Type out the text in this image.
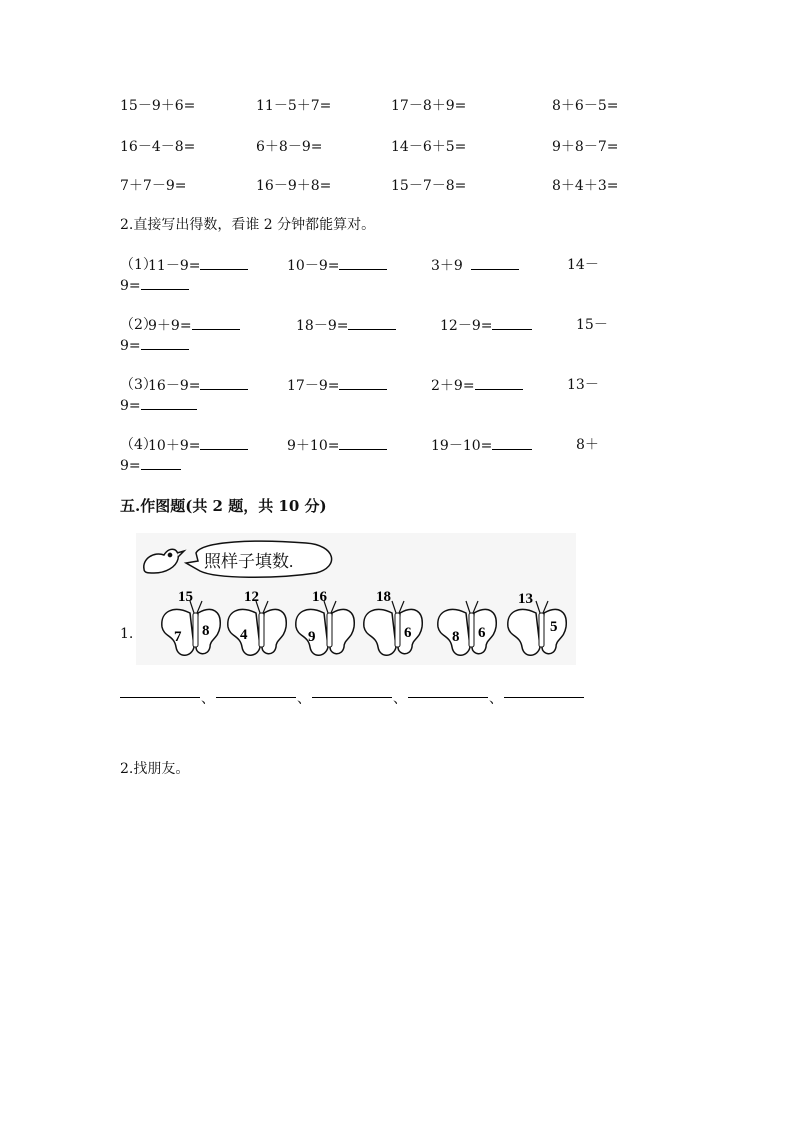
15－9＋6=	11－5＋7=	17－8＋9=	8＋6－5=
16－4－8=	6＋8－9=	14－6＋5=	9＋8－7=
7＋7－9=	16－9＋8=	15－7－8=	8＋4＋3=
2.直接写出得数，看谁 2 分钟都能算对。
（1）
11－9=	10－9=	3＋9	14－
9=
（2）
9＋9=	18－9=	12－9=	15－
9=
（3）
16－9=	17－9=	2＋9=	13－
9=
（4）
10＋9=	9＋10=	19－10=	8＋
9=
五.作图题(共 2 题，共 10 分)
1.
照样子填数.
15
7 8
12
4
16
9
18
6	8 6
13
5
、	、	、	、
2.找朋友。
